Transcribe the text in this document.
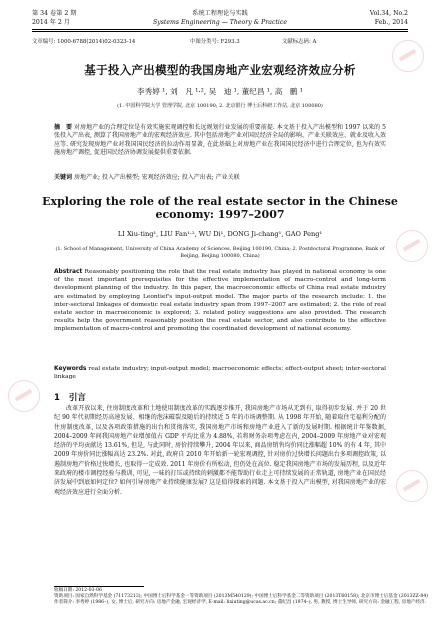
第 34 卷第 2 期	系统工程理论与实践	Vol.34, No.2
2014 年 2 月	Systems Engineering — Theory & Practice	Feb., 2014
文章编号: 1000-6788(2014)02-0323-14	中图分类号: F293.3	文献标志码: A
基于投入产出模型的我国房地产业宏观经济效应分析
李秀婷 ¹, 刘　凡 ¹·², 吴　迪 ¹, 董纪昌 ¹, 高　鹏 ¹
(1. 中国科学院大学 管理学院, 北京 100190; 2. 北京银行 博士后科研工作站, 北京 100080)
摘　要 对房地产业的合理定位是有效实施宏观调控和长远规划行业发展的重要前提. 本文基于投入产出模型和 1997 以来的 5 张投入产出表, 测算了我国房地产业的宏观经济效应. 其中包括房地产业对国民经济全局的影响、产业关联效应、就业及收入效应等. 研究发现房地产业对我国国民经济的拉动作用显著, 在此基础上对房地产业在我国国民经济中进行合理定位, 也为有效实施房地产调控, 促进国民经济协调发展提供重要依据.
关键词 房地产业; 投入产出模型; 宏观经济效应; 投入产出表; 产业关联
Exploring the role of the real estate sector in the Chinese economy: 1997–2007
LI Xiu-ting¹, LIU Fan¹·², WU Di¹, DONG Ji-chang¹, GAO Peng¹
(1. School of Management, University of China Academy of Sciences, Beijing 100190, China; 2. Postdoctoral Programme, Bank of Beijing, Beijing 100080, China)
Abstract Reasonably positioning the role that the real estate industry has played in national economy is one of the most important prerequisites for the effective implementation of macro-control and long-term development planning of the industry. In this paper, the macroeconomic effects of China real estate industry are estimated by employing Leontief's input-output model. The major parts of the research include: 1. the inter-sectoral linkages of domestic real estate industry span from 1997–2007 are estimated; 2. the role of real estate sector in macroeconomic is explored; 3. related policy suggestions are also provided. The research results help the government reasonably position the real estate sector, and also contribute to the effective implementation of macro-control and promoting the coordinated development of national economy.
Keywords real estate industry; input-output model; macroeconomic effects; effect-output sheet; inter-sectoral linkage
1 引言
改革开放以来, 住房制度改革和土地使用制度改革的实践逐步推开, 我国房地产市场从无到有, 取得初步发展. 并于 20 世纪 90 年代初期经历高速发展、相继的泡沫破裂及随后的持续近 5 年的市场调整期. 从 1998 年开始, 随着取住宅福利分配的住房制度改革, 以及各项政策措施的出台和贯彻落实, 我国房地产市场和房地产业进入了新的发展时期. 根据统计年鉴数据, 2004–2009 年间我国房地产业增加值占 GDP 平均比重为 4.88%, 若将财务杂项考虑在内, 2004–2009 年房地产业对宏观经济的平均贡献达 13.61%, 但是, 与此同时, 房价持续攀升, 2004 年以来, 商品房销售均价同比涨幅超 10% 的有 4 年, 其中 2009 年房价同比涨幅高达 23.2%. 对此, 政府自 2010 年开始新一轮宏观调控, 针对房价过快增长问题出台多项调控政策, 以遏制房地产价格过快增长, 也取得一定成效. 2011 年房价有所松动, 但仍处在高位. 稳定我国房地产市场的发展历程, 以及近年来政府的楼市调控经验与教训, 可见, 一味的打压或持续的刺激都不能帮助行业走上可持续发展的正常轨道, 房地产业在国民经济发展中到底如何定位? 如何引导房地产业持续健康发展? 这是值得探索的问题. 本文基于投入产出模型, 对我国房地产业的宏观经济效应进行全面分析.
收稿日期: 2012-03-06
资助项目: 国家自然科学基金 (71173213); 中国博士后科学基金一等资助项目 (2013M540129); 中国博士后科学基金二等资助项目 (2013T60158); 北京市博士后基金 (2013ZZ-84)
作者简介: 李秀婷 (1986–), 女, 博士后, 研究方向: 房地产金融, 宏观经济学, E-mail: lixiuting@ucas.ac.cn; 董纪昌 (1974–), 男, 教授, 博士生导师, 研究方向: 金融工程, 房地产经济.
